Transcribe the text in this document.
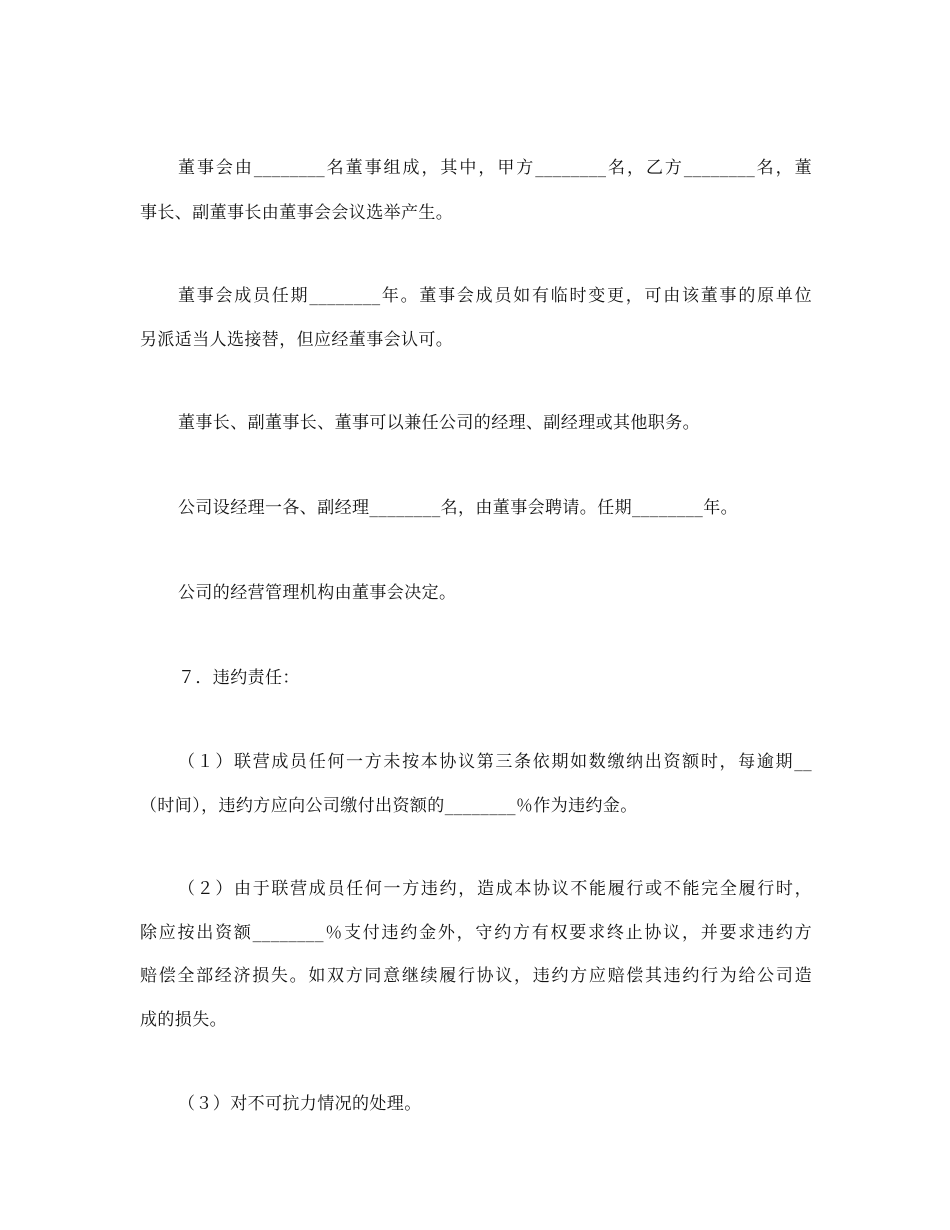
董事会由________名董事组成，其中，甲方________名，乙方________名，董
事长、副董事长由董事会会议选举产生。
董事会成员任期________年。董事会成员如有临时变更，可由该董事的原单位
另派适当人选接替，但应经董事会认可。
董事长、副董事长、董事可以兼任公司的经理、副经理或其他职务。
公司设经理一各、副经理________名，由董事会聘请。任期________年。
公司的经营管理机构由董事会决定。
７．违约责任：
（１）联营成员任何一方未按本协议第三条依期如数缴纳出资额时，每逾期__
（时间），违约方应向公司缴付出资额的________％作为违约金。
（２）由于联营成员任何一方违约，造成本协议不能履行或不能完全履行时，
除应按出资额________％支付违约金外，守约方有权要求终止协议，并要求违约方
赔偿全部经济损失。如双方同意继续履行协议，违约方应赔偿其违约行为给公司造
成的损失。
（３）对不可抗力情况的处理。
